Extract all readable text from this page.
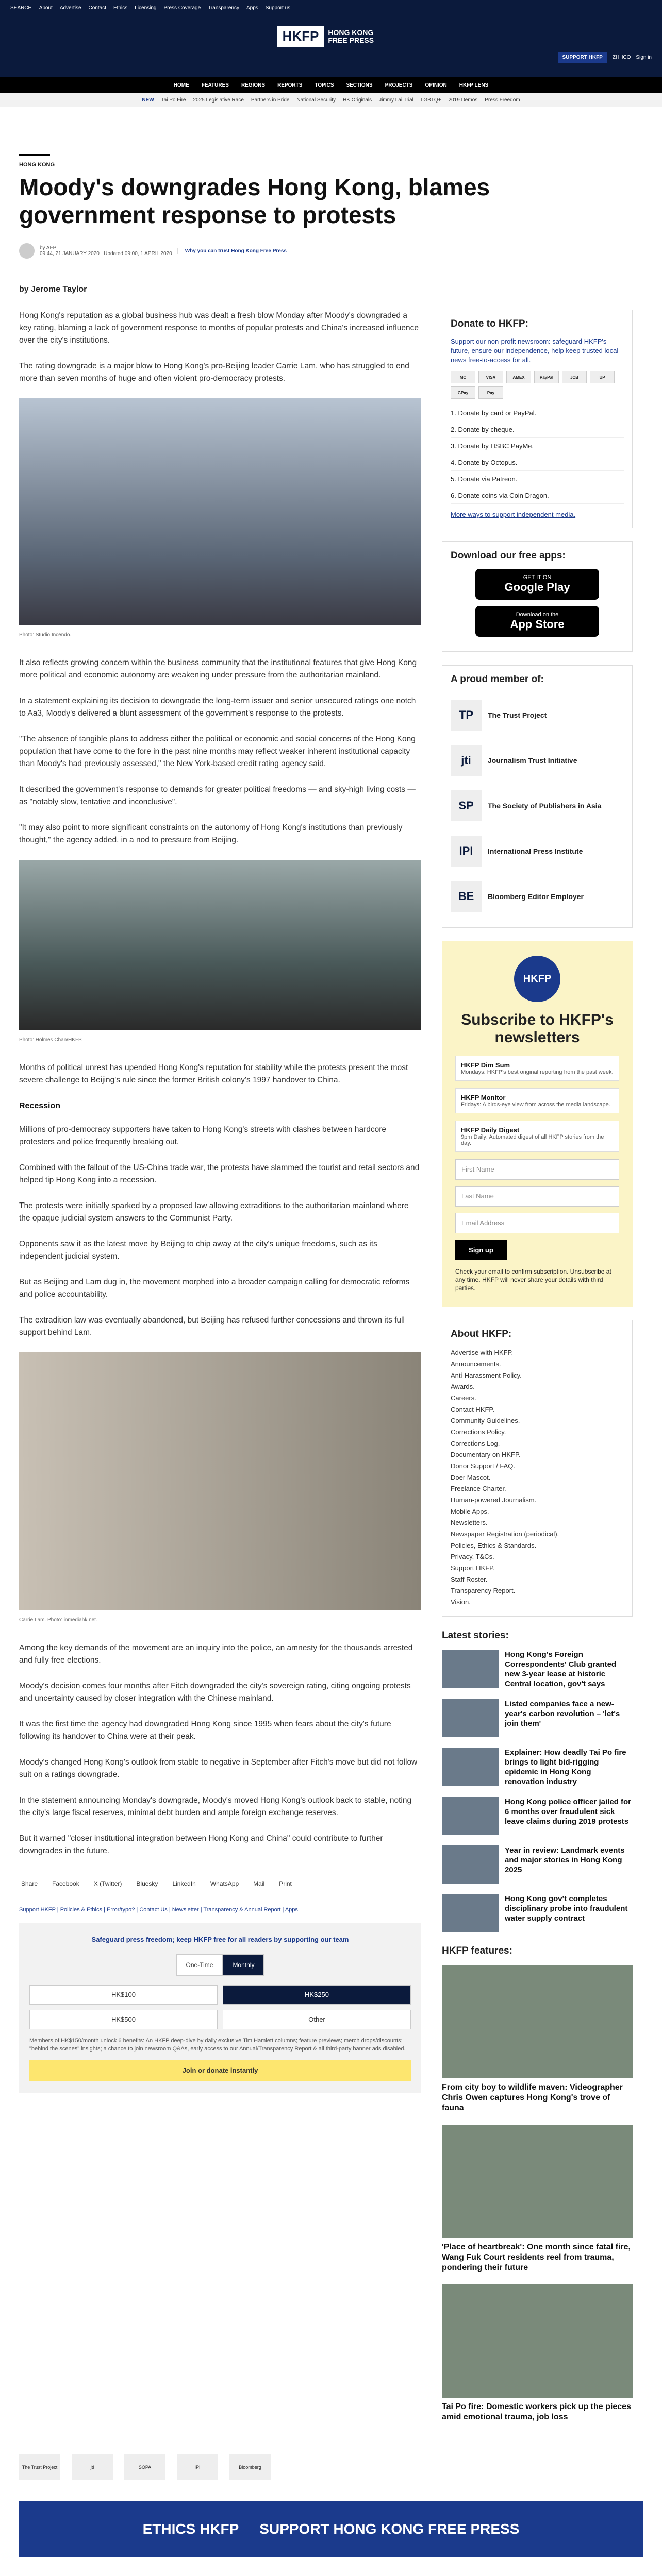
SEARCH About Advertise Contact Ethics Licensing Press Coverage Transparency Apps Support us
HKFP	HONG KONG FREE PRESS
SUPPORT HKFP	ZHHCO Sign in
HOME FEATURES REGIONS REPORTS TOPICS SECTIONS PROJECTS OPINION HKFP LENS
NEW Tai Po Fire 2025 Legislative Race Partners in Pride National Security HK Originals Jimmy Lai Trial LGBTQ+ 2019 Demos Press Freedom
HONG KONG
Moody's downgrades Hong Kong, blames government response to protests
by AFP
09:44, 21 JANUARY 2020 Updated 09:00, 1 APRIL 2020	Why you can trust Hong Kong Free Press
by Jerome Taylor

Hong Kong's reputation as a global business hub was dealt a fresh blow Monday after Moody's downgraded a key rating, blaming a lack of government response to months of popular protests and China's increased influence over the city's institutions.

The rating downgrade is a major blow to Hong Kong's pro-Beijing leader Carrie Lam, who has struggled to end more than seven months of huge and often violent pro-democracy protests.

Photo: Studio Incendo.

It also reflects growing concern within the business community that the institutional features that give Hong Kong more political and economic autonomy are weakening under pressure from the authoritarian mainland.

In a statement explaining its decision to downgrade the long-term issuer and senior unsecured ratings one notch to Aa3, Moody's delivered a blunt assessment of the government's response to the protests.

"The absence of tangible plans to address either the political or economic and social concerns of the Hong Kong population that have come to the fore in the past nine months may reflect weaker inherent institutional capacity than Moody's had previously assessed," the New York-based credit rating agency said.

It described the government's response to demands for greater political freedoms — and sky-high living costs — as "notably slow, tentative and inconclusive".

"It may also point to more significant constraints on the autonomy of Hong Kong's institutions than previously thought," the agency added, in a nod to pressure from Beijing.

Photo: Holmes Chan/HKFP.

Months of political unrest has upended Hong Kong's reputation for stability while the protests present the most severe challenge to Beijing's rule since the former British colony's 1997 handover to China.

Recession

Millions of pro-democracy supporters have taken to Hong Kong's streets with clashes between hardcore protesters and police frequently breaking out.

Combined with the fallout of the US-China trade war, the protests have slammed the tourist and retail sectors and helped tip Hong Kong into a recession.

The protests were initially sparked by a proposed law allowing extraditions to the authoritarian mainland where the opaque judicial system answers to the Communist Party.

Opponents saw it as the latest move by Beijing to chip away at the city's unique freedoms, such as its independent judicial system.

But as Beijing and Lam dug in, the movement morphed into a broader campaign calling for democratic reforms and police accountability.

The extradition law was eventually abandoned, but Beijing has refused further concessions and thrown its full support behind Lam.

Carrie Lam. Photo: inmediahk.net.

Among the key demands of the movement are an inquiry into the police, an amnesty for the thousands arrested and fully free elections.

Moody's decision comes four months after Fitch downgraded the city's sovereign rating, citing ongoing protests and uncertainty caused by closer integration with the Chinese mainland.

It was the first time the agency had downgraded Hong Kong since 1995 when fears about the city's future following its handover to China were at their peak.

Moody's changed Hong Kong's outlook from stable to negative in September after Fitch's move but did not follow suit on a ratings downgrade.

In the statement announcing Monday's downgrade, Moody's moved Hong Kong's outlook back to stable, noting the city's large fiscal reserves, minimal debt burden and ample foreign exchange reserves.

But it warned "closer institutional integration between Hong Kong and China" could contribute to further downgrades in the future.

Share Facebook X (Twitter) Bluesky LinkedIn WhatsApp Mail Print
Support HKFP | Policies & Ethics | Error/typo? | Contact Us | Newsletter | Transparency & Annual Report | Apps
Safeguard press freedom; keep HKFP free for all readers by supporting our team
One-Time	Monthly
HK$100	HK$250
HK$500	Other
Members of HK$150/month unlock 6 benefits: An HKFP deep-dive by daily exclusive Tim Hamlett columns; feature previews; merch drops/discounts; "behind the scenes" insights; a chance to join newsroom Q&As, early access to our Annual/Transparency Report & all third-party banner ads disabled.
Join or donate instantly
Donate to HKFP:
Support our non-profit newsroom: safeguard HKFP's future, ensure our independence, help keep trusted local news free-to-access for all.
MC	VISA	AMEX	PayPal	JCB	UP
GPay	Pay
1. Donate by card or PayPal.
2. Donate by cheque.
3. Donate by HSBC PayMe.
4. Donate by Octopus.
5. Donate via Patreon.
6. Donate coins via Coin Dragon.
More ways to support independent media.
Download our free apps:
GET IT ON
Google Play
Download on the
App Store
A proud member of:
TP	The Trust Project
jti	Journalism Trust Initiative
SP	The Society of Publishers in Asia
IPI	International Press Institute
BE	Bloomberg Editor Employer
HKFP
Subscribe to HKFP's newsletters
HKFP Dim Sum
Mondays: HKFP's best original reporting from the past week.
HKFP Monitor
Fridays: A birds-eye view from across the media landscape.
HKFP Daily Digest
9pm Daily: Automated digest of all HKFP stories from the day.
First Name
Last Name
Email Address
Sign up
Check your email to confirm subscription. Unsubscribe at any time. HKFP will never share your details with third parties.
About HKFP:
Advertise with HKFP.
Announcements.
Anti-Harassment Policy.
Awards.
Careers.
Contact HKFP.
Community Guidelines.
Corrections Policy.
Corrections Log.
Documentary on HKFP.
Donor Support / FAQ.
Doer Mascot.
Freelance Charter.
Human-powered Journalism.
Mobile Apps.
Newsletters.
Newspaper Registration (periodical).
Policies, Ethics & Standards.
Privacy, T&Cs.
Support HKFP.
Staff Roster.
Transparency Report.
Vision.
Latest stories:
Hong Kong's Foreign Correspondents' Club granted new 3-year lease at historic Central location, gov't says
Listed companies face a new-year's carbon revolution – 'let's join them'
Explainer: How deadly Tai Po fire brings to light bid-rigging epidemic in Hong Kong renovation industry
Hong Kong police officer jailed for 6 months over fraudulent sick leave claims during 2019 protests
Year in review: Landmark events and major stories in Hong Kong 2025
Hong Kong gov't completes disciplinary probe into fraudulent water supply contract
HKFP features:
From city boy to wildlife maven: Videographer Chris Owen captures Hong Kong's trove of fauna
'Place of heartbreak': One month since fatal fire, Wang Fuk Court residents reel from trauma, pondering their future
Tai Po fire: Domestic workers pick up the pieces amid emotional trauma, job loss
The Trust Project	jti	SOPA	IPI	Bloomberg
ETHICS HKFP SUPPORT HONG KONG FREE PRESS
